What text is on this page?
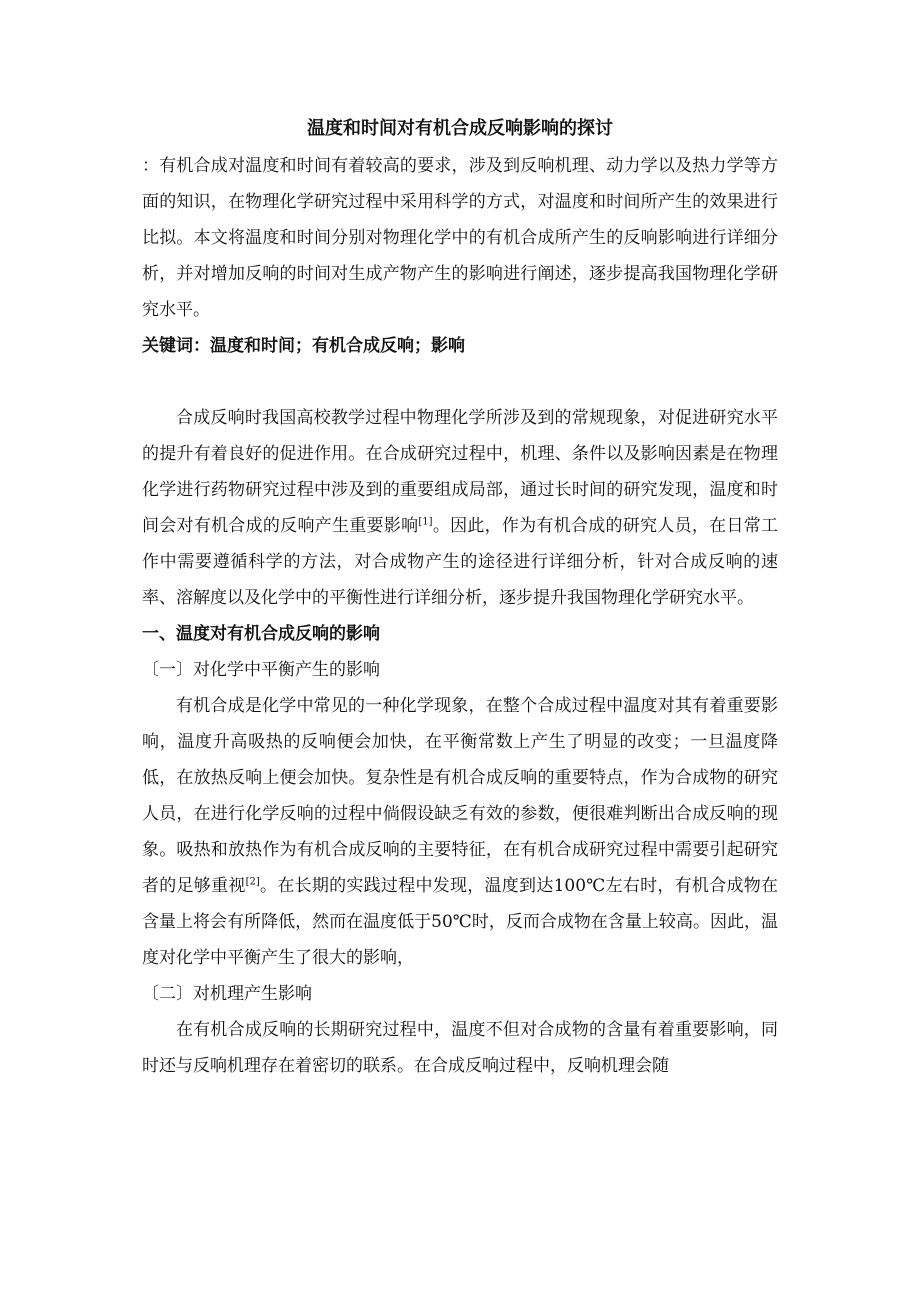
温度和时间对有机合成反响影响的探讨

：有机合成对温度和时间有着较高的要求，涉及到反响机理、动力学以及热力学等方面的知识，在物理化学研究过程中采用科学的方式，对温度和时间所产生的效果进行比拟。本文将温度和时间分别对物理化学中的有机合成所产生的反响影响进行详细分析，并对增加反响的时间对生成产物产生的影响进行阐述，逐步提高我国物理化学研究水平。

关键词：温度和时间；有机合成反响；影响

合成反响时我国高校教学过程中物理化学所涉及到的常规现象，对促进研究水平的提升有着良好的促进作用。在合成研究过程中，机理、条件以及影响因素是在物理化学进行药物研究过程中涉及到的重要组成局部，通过长时间的研究发现，温度和时间会对有机合成的反响产生重要影响[1]。因此，作为有机合成的研究人员，在日常工作中需要遵循科学的方法，对合成物产生的途径进行详细分析，针对合成反响的速率、溶解度以及化学中的平衡性进行详细分析，逐步提升我国物理化学研究水平。

一、温度对有机合成反响的影响

〔一〕对化学中平衡产生的影响

有机合成是化学中常见的一种化学现象，在整个合成过程中温度对其有着重要影响，温度升高吸热的反响便会加快，在平衡常数上产生了明显的改变；一旦温度降低，在放热反响上便会加快。复杂性是有机合成反响的重要特点，作为合成物的研究人员，在进行化学反响的过程中倘假设缺乏有效的参数，便很难判断出合成反响的现象。吸热和放热作为有机合成反响的主要特征，在有机合成研究过程中需要引起研究者的足够重视[2]。在长期的实践过程中发现，温度到达100℃左右时，有机合成物在含量上将会有所降低，然而在温度低于50℃时，反而合成物在含量上较高。因此，温度对化学中平衡产生了很大的影响，

〔二〕对机理产生影响

在有机合成反响的长期研究过程中，温度不但对合成物的含量有着重要影响，同时还与反响机理存在着密切的联系。在合成反响过程中，反响机理会随
